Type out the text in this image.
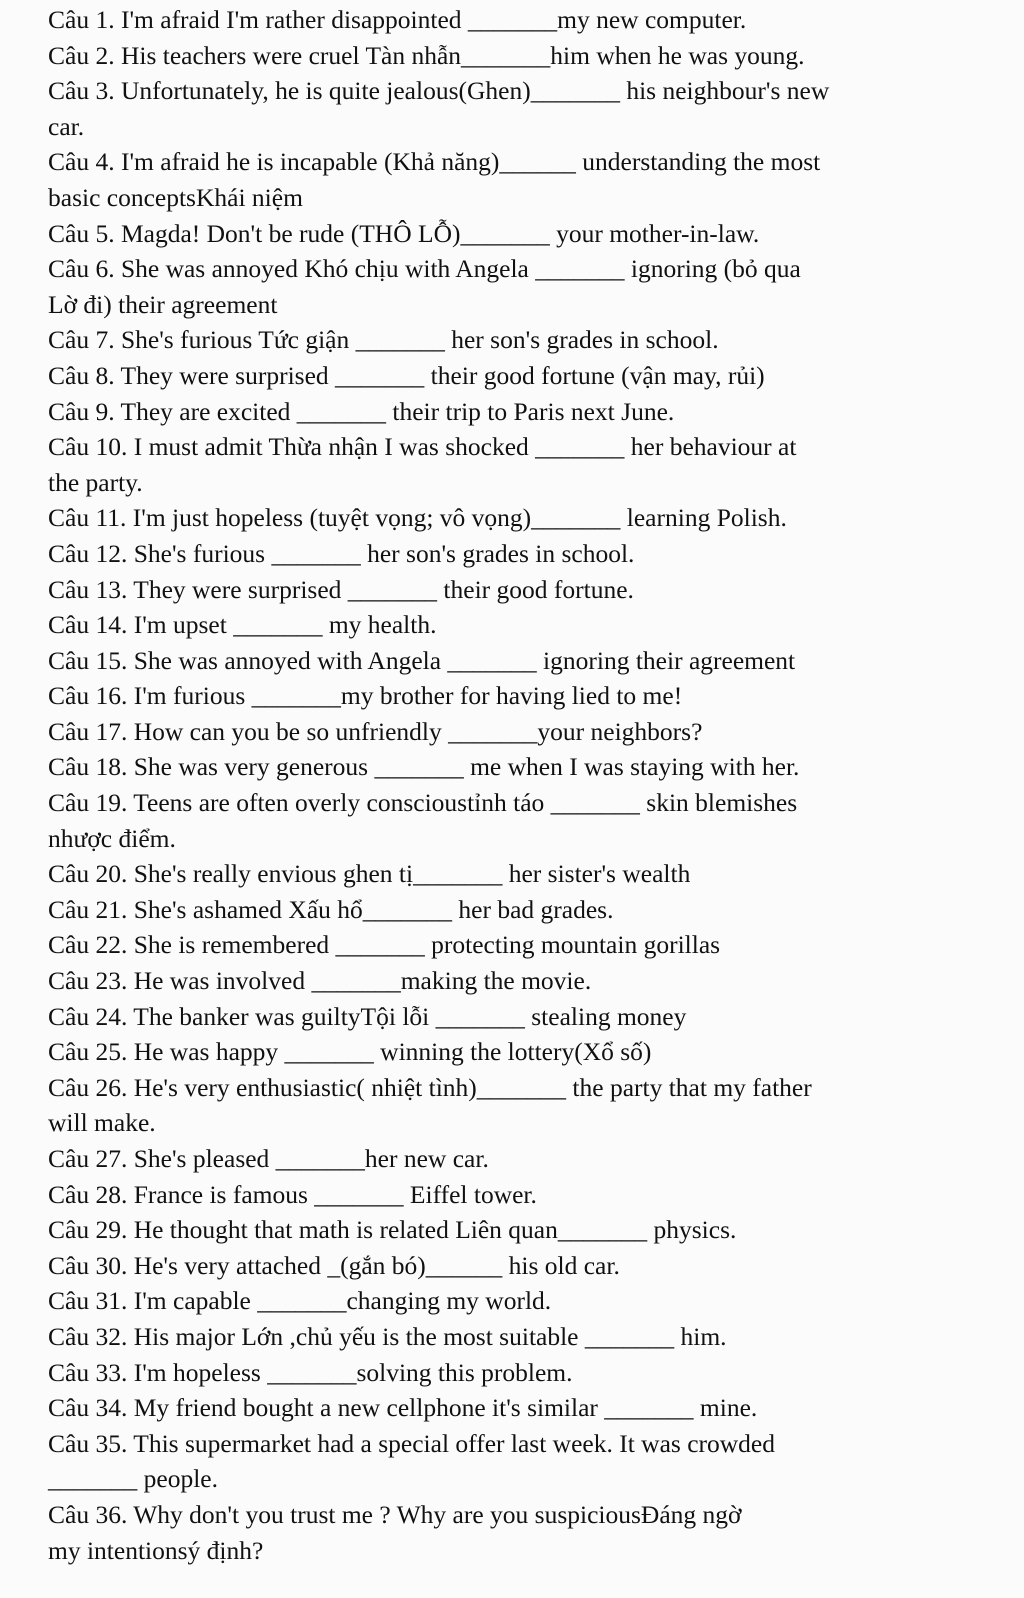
Câu 1. I'm afraid I'm rather disappointed _______my new computer.

Câu 2. His teachers were cruel Tàn nhẫn_______him when he was young.

Câu 3. Unfortunately, he is quite jealous(Ghen)_______ his neighbour's new
car.

Câu 4. I'm afraid he is incapable (Khả năng)______ understanding the most
basic conceptsKhái niệm

Câu 5. Magda! Don't be rude (THÔ LỖ)_______ your mother-in-law.

Câu 6. She was annoyed Khó chịu with Angela _______ ignoring (bỏ qua
Lờ đi) their agreement

Câu 7. She's furious Tức giận _______ her son's grades in school.

Câu 8. They were surprised _______ their good fortune (vận may, rủi)

Câu 9. They are excited _______ their trip to Paris next June.

Câu 10. I must admit Thừa nhận I was shocked _______ her behaviour at
the party.

Câu 11. I'm just hopeless (tuyệt vọng; vô vọng)_______ learning Polish.

Câu 12. She's furious _______ her son's grades in school.

Câu 13. They were surprised _______ their good fortune.

Câu 14. I'm upset _______ my health.

Câu 15. She was annoyed with Angela _______ ignoring their agreement

Câu 16. I'm furious _______my brother for having lied to me!

Câu 17. How can you be so unfriendly _______your neighbors?

Câu 18. She was very generous _______ me when I was staying with her.

Câu 19. Teens are often overly conscioustỉnh táo _______ skin blemishes
nhược điểm.

Câu 20. She's really envious ghen tị_______ her sister's wealth

Câu 21. She's ashamed Xấu hổ_______ her bad grades.

Câu 22. She is remembered _______ protecting mountain gorillas

Câu 23. He was involved _______making the movie.

Câu 24. The banker was guiltyTội lỗi _______ stealing money

Câu 25. He was happy _______ winning the lottery(Xổ số)

Câu 26. He's very enthusiastic( nhiệt tình)_______ the party that my father
will make.

Câu 27. She's pleased _______her new car.

Câu 28. France is famous _______ Eiffel tower.

Câu 29. He thought that math is related Liên quan_______ physics.

Câu 30. He's very attached _(gắn bó)______ his old car.

Câu 31. I'm capable _______changing my world.

Câu 32. His major Lớn ,chủ yếu is the most suitable _______ him.

Câu 33. I'm hopeless _______solving this problem.

Câu 34. My friend bought a new cellphone it's similar _______ mine.

Câu 35. This supermarket had a special offer last week. It was crowded
_______ people.

Câu 36. Why don't you trust me ? Why are you suspiciousĐáng ngờ
my intentionsý định?
